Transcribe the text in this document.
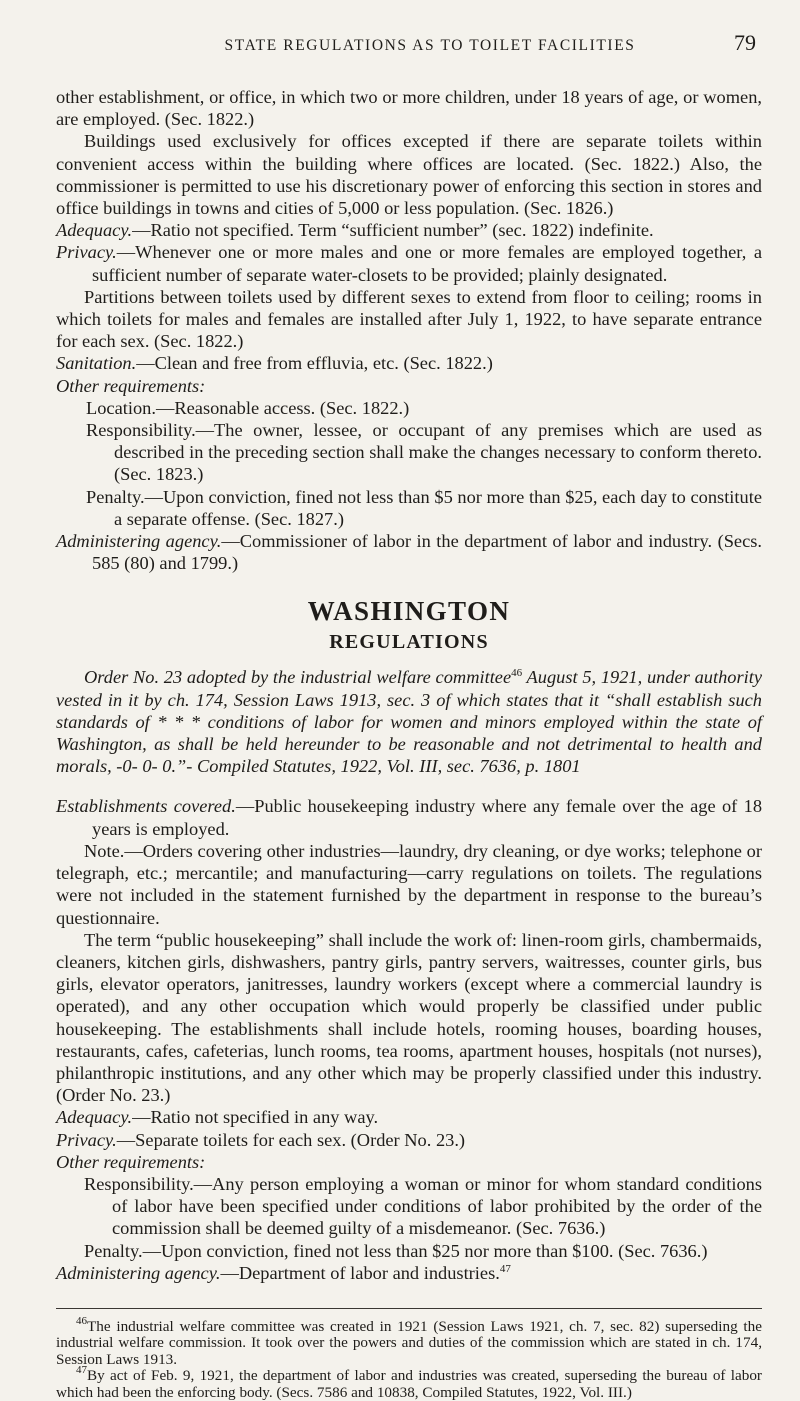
STATE REGULATIONS AS TO TOILET FACILITIES	79

other establishment, or office, in which two or more children, under 18 years of age, or women, are employed. (Sec. 1822.)

Buildings used exclusively for offices excepted if there are separate toilets within convenient access within the building where offices are located. (Sec. 1822.) Also, the commissioner is permitted to use his discretionary power of enforcing this section in stores and office buildings in towns and cities of 5,000 or less population. (Sec. 1826.)

Adequacy.—Ratio not specified. Term “sufficient number” (sec. 1822) indefinite.

Privacy.—Whenever one or more males and one or more females are employed together, a sufficient number of separate water-closets to be provided; plainly designated.

Partitions between toilets used by different sexes to extend from floor to ceiling; rooms in which toilets for males and females are installed after July 1, 1922, to have separate entrance for each sex. (Sec. 1822.)

Sanitation.—Clean and free from effluvia, etc. (Sec. 1822.)

Other requirements:

Location.—Reasonable access. (Sec. 1822.)

Responsibility.—The owner, lessee, or occupant of any premises which are used as described in the preceding section shall make the changes necessary to conform thereto. (Sec. 1823.)

Penalty.—Upon conviction, fined not less than $5 nor more than $25, each day to constitute a separate offense. (Sec. 1827.)

Administering agency.—Commissioner of labor in the department of labor and industry. (Secs. 585 (80) and 1799.)

WASHINGTON
REGULATIONS

Order No. 23 adopted by the industrial welfare committee$^{46}$ August 5, 1921, under authority vested in it by ch. 174, Session Laws 1913, sec. 3 of which states that it “shall establish such standards of * * * conditions of labor for women and minors employed within the state of Washington, as shall be held hereunder to be reasonable and not detrimental to health and morals, -0- 0- 0.”- Compiled Statutes, 1922, Vol. III, sec. 7636, p. 1801

Establishments covered.—Public housekeeping industry where any female over the age of 18 years is employed.

Note.—Orders covering other industries—laundry, dry cleaning, or dye works; telephone or telegraph, etc.; mercantile; and manufacturing—carry regulations on toilets. The regulations were not included in the statement furnished by the department in response to the bureau’s questionnaire.

The term “public housekeeping” shall include the work of: linen-room girls, chambermaids, cleaners, kitchen girls, dishwashers, pantry girls, pantry servers, waitresses, counter girls, bus girls, elevator operators, janitresses, laundry workers (except where a commercial laundry is operated), and any other occupation which would properly be classified under public housekeeping. The establishments shall include hotels, rooming houses, boarding houses, restaurants, cafes, cafeterias, lunch rooms, tea rooms, apartment houses, hospitals (not nurses), philanthropic institutions, and any other which may be properly classified under this industry. (Order No. 23.)

Adequacy.—Ratio not specified in any way.

Privacy.—Separate toilets for each sex. (Order No. 23.)

Other requirements:

Responsibility.—Any person employing a woman or minor for whom standard conditions of labor have been specified under conditions of labor prohibited by the order of the commission shall be deemed guilty of a misdemeanor. (Sec. 7636.)

Penalty.—Upon conviction, fined not less than $25 nor more than $100. (Sec. 7636.)

Administering agency.—Department of labor and industries.$^{47}$

$^{46}$The industrial welfare committee was created in 1921 (Session Laws 1921, ch. 7, sec. 82) superseding the industrial welfare commission. It took over the powers and duties of the commission which are stated in ch. 174, Session Laws 1913.

$^{47}$By act of Feb. 9, 1921, the department of labor and industries was created, superseding the bureau of labor which had been the enforcing body. (Secs. 7586 and 10838, Compiled Statutes, 1922, Vol. III.)
